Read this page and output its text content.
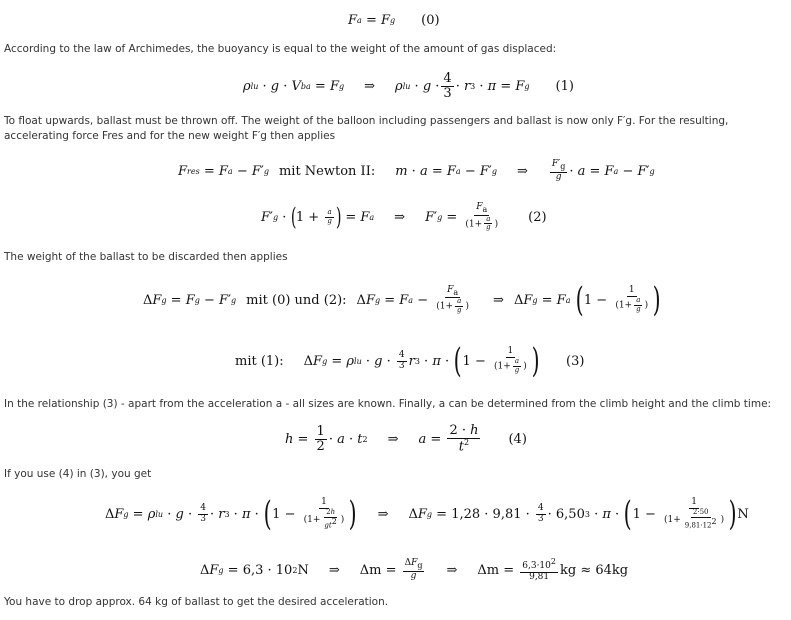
F a = F g (0)

According to the law of Archimedes, the buoyancy is equal to the weight of the amount of gas displaced:

ρ lu · g · V ba = F g ⇒ ρ lu · $g \cdot \frac{4}{3} \cdot r$ 3 · π = F g (1)

To float upwards, ballast must be thrown off. The weight of the balloon including passengers and ballast is now only F′g. For the resulting, accelerating force Fres and for the new weight F′g then applies

F res = F a − F ′ g mit Newton II: m · a = F a − F ′ g ⇒ $\frac{F'_g}{g} \cdot a = F$ a − F ′ g
F ′ g · ( $1 + \frac{a}{g}$ ) = F a ⇒ F ′ $g = \frac{F_a}{(1+ \frac{a}{g} )} (2)$

The weight of the ballast to be discarded then applies

Δ F g = F g − F ′ g mit (0) und (2): Δ F g = F $a - \frac{F_a}{(1+ \frac{a}{g} )}$ ⇒
Δ F g = F a
( $1 - \frac{1}{(1+ \frac{a}{g} )}$ )
mit (1): Δ F g = ρ lu · $g \cdot \frac{4}{3}$ r 3 · π · ( $1 - \frac{1}{(1+ \frac{a}{g} )}$ ) (3)

In the relationship (3) - apart from the acceleration a - all sizes are known. Finally, a can be determined from the climb height and the climb time:

$h = \frac{1}{2} \cdot a \cdot t$ 2 ⇒ $a = \frac{2 \cdot h}{t^2} (4)$

If you use (4) in (3), you get

Δ F g = ρ lu · $g \cdot \frac{4}{3} \cdot r$ 3 · π · ( $1 - \frac{1}{(1+ \frac{2h}{gt^2} )}$ ) ⇒
Δ F g = 1,28 · 9,81 ·
$\frac{4}{3} \cdot 6,50$ 3 · π · ( $1 - \frac{1}{(1+ \frac{2\cdot 50}{9,81\cdot 12^2} )}$ ) N
Δ F g = 6,3 · 10 2 N ⇒
$\Delta m = \frac{\Delta F_g}{g}$ ⇒
$\Delta m = \frac{6,3\cdot 10^2}{9,81}$ kg ≈ 64kg

You have to drop approx. 64 kg of ballast to get the desired acceleration.
